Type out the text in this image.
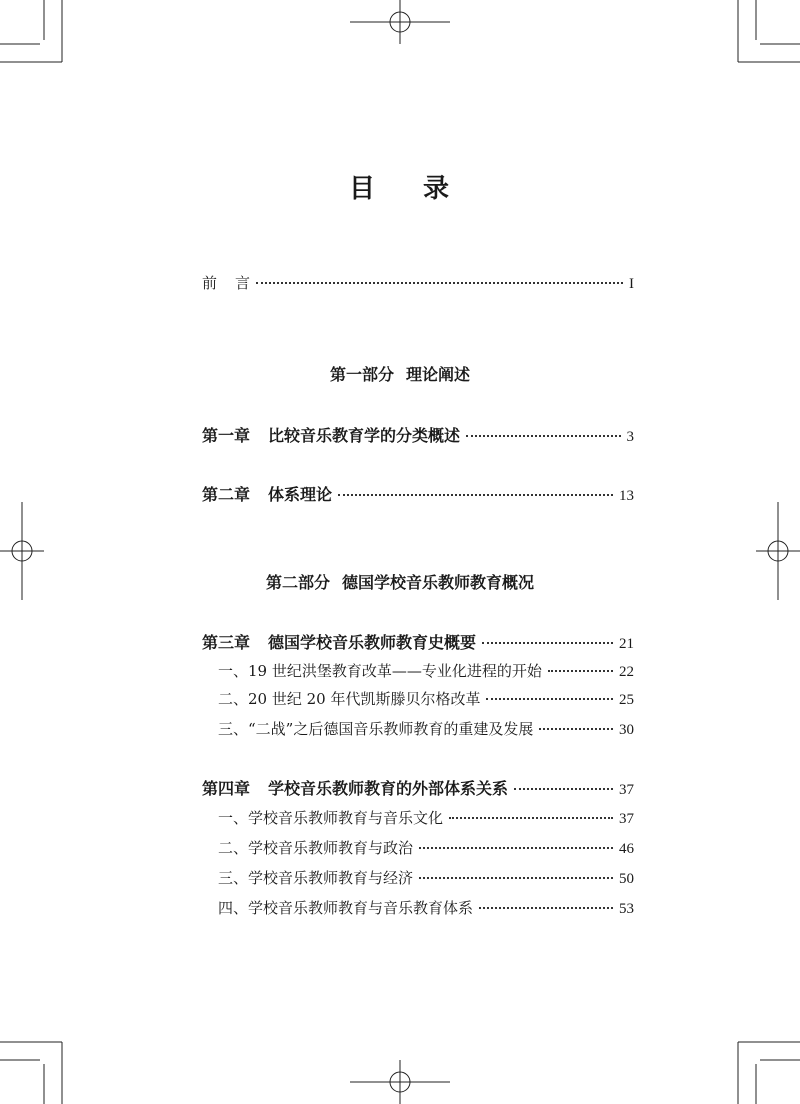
目 录
前 言	I
第一部分 理论阐述
第一章 比较音乐教育学的分类概述	3
第二章 体系理论	13
第二部分 德国学校音乐教师教育概况
第三章 德国学校音乐教师教育史概要	21
一、19 世纪洪堡教育改革——专业化进程的开始	22
二、20 世纪 20 年代凯斯滕贝尔格改革	25
三、“二战”之后德国音乐教师教育的重建及发展	30
第四章 学校音乐教师教育的外部体系关系	37
一、学校音乐教师教育与音乐文化	37
二、学校音乐教师教育与政治	46
三、学校音乐教师教育与经济	50
四、学校音乐教师教育与音乐教育体系	53
